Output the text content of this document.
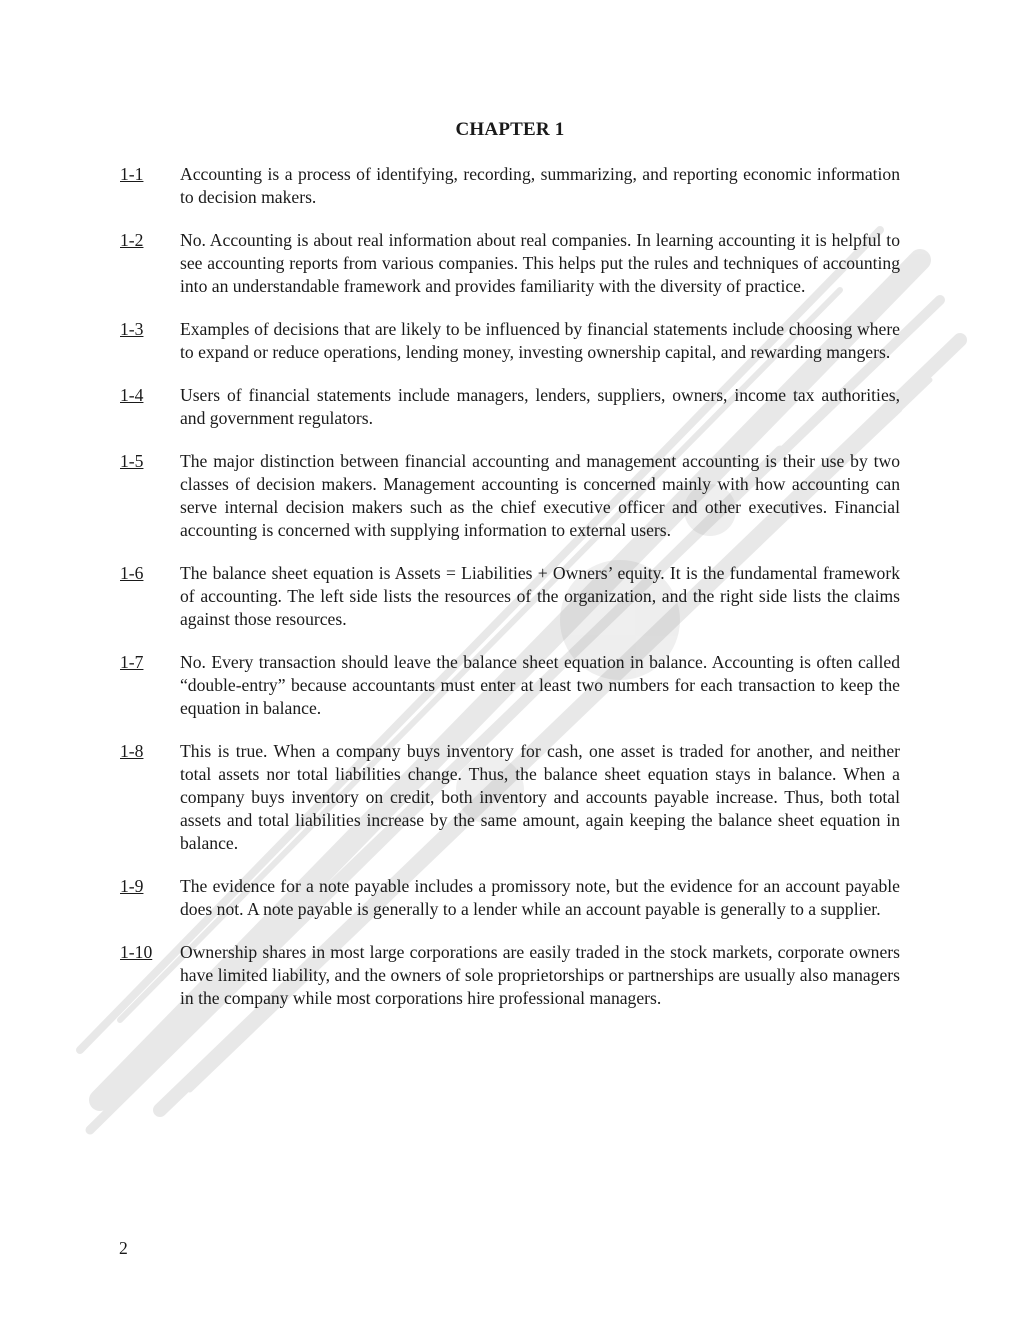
CHAPTER 1
1-1 Accounting is a process of identifying, recording, summarizing, and reporting economic information to decision makers.
1-2 No. Accounting is about real information about real companies. In learning accounting it is helpful to see accounting reports from various companies. This helps put the rules and techniques of accounting into an understandable framework and provides familiarity with the diversity of practice.
1-3 Examples of decisions that are likely to be influenced by financial statements include choosing where to expand or reduce operations, lending money, investing ownership capital, and rewarding mangers.
1-4 Users of financial statements include managers, lenders, suppliers, owners, income tax authorities, and government regulators.
1-5 The major distinction between financial accounting and management accounting is their use by two classes of decision makers. Management accounting is concerned mainly with how accounting can serve internal decision makers such as the chief executive officer and other executives. Financial accounting is concerned with supplying information to external users.
1-6 The balance sheet equation is Assets = Liabilities + Owners’ equity. It is the fundamental framework of accounting. The left side lists the resources of the organization, and the right side lists the claims against those resources.
1-7 No. Every transaction should leave the balance sheet equation in balance. Accounting is often called “double-entry” because accountants must enter at least two numbers for each transaction to keep the equation in balance.
1-8 This is true. When a company buys inventory for cash, one asset is traded for another, and neither total assets nor total liabilities change. Thus, the balance sheet equation stays in balance. When a company buys inventory on credit, both inventory and accounts payable increase. Thus, both total assets and total liabilities increase by the same amount, again keeping the balance sheet equation in balance.
1-9 The evidence for a note payable includes a promissory note, but the evidence for an account payable does not. A note payable is generally to a lender while an account payable is generally to a supplier.
1-10 Ownership shares in most large corporations are easily traded in the stock markets, corporate owners have limited liability, and the owners of sole proprietorships or partnerships are usually also managers in the company while most corporations hire professional managers.
2
